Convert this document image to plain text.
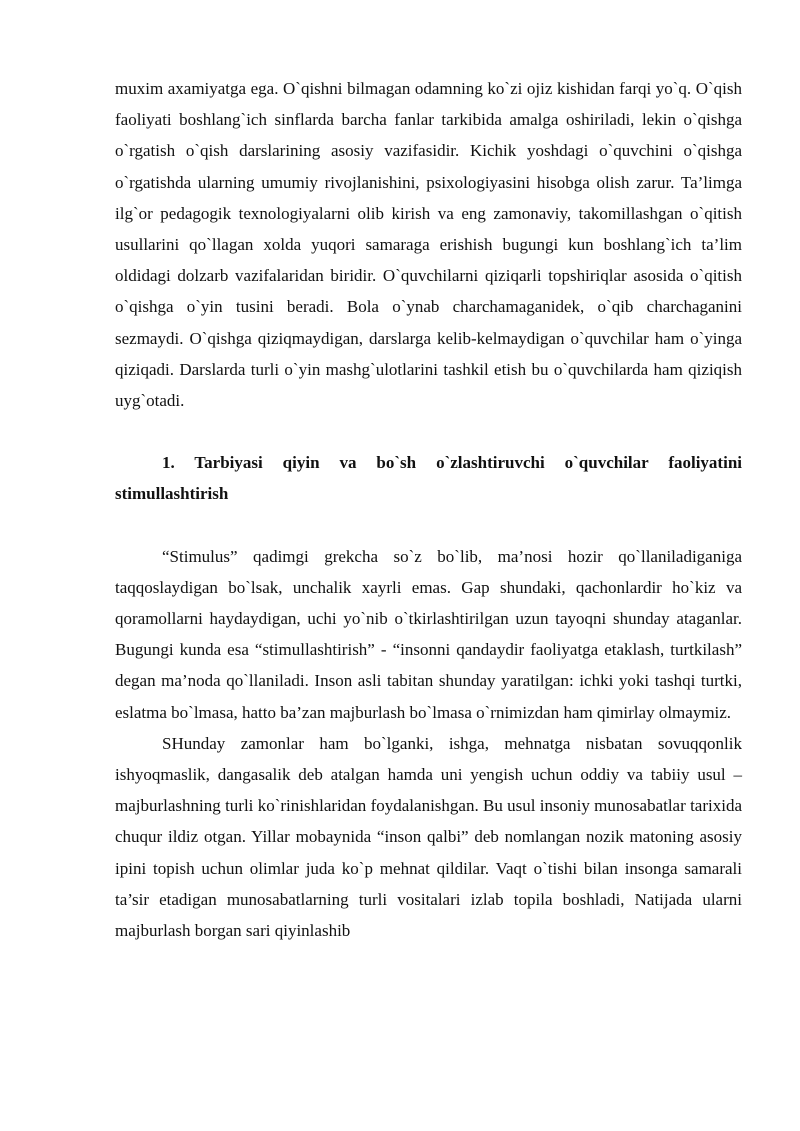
muxim axamiyatga ega. O`qishni bilmagan odamning ko`zi ojiz kishidan farqi yo`q. O`qish faoliyati boshlang`ich sinflarda barcha fanlar tarkibida amalga oshiriladi, lekin o`qishga o`rgatish o`qish darslarining asosiy vazifasidir. Kichik yoshdagi o`quvchini o`qishga o`rgatishda ularning umumiy rivojlanishini, psixologiyasini hisobga olish zarur. Ta’limga ilg`or pedagogik texnologiyalarni olib kirish va eng zamonaviy, takomillashgan o`qitish usullarini qo`llagan xolda yuqori samaraga erishish bugungi kun boshlang`ich ta’lim oldidagi dolzarb vazifalaridan biridir. O`quvchilarni qiziqarli topshiriqlar asosida o`qitish o`qishga o`yin tusini beradi. Bola o`ynab charchamaganidek, o`qib charchaganini sezmaydi. O`qishga qiziqmaydigan, darslarga kelib-kelmaydigan o`quvchilar ham o`yinga qiziqadi. Darslarda turli o`yin mashg`ulotlarini tashkil etish bu o`quvchilarda ham qiziqish uyg`otadi.

1. Tarbiyasi qiyin va bo`sh o`zlashtiruvchi o`quvchilar faoliyatini stimullashtirish

“Stimulus” qadimgi grekcha so`z bo`lib, ma’nosi hozir qo`llaniladiganiga taqqoslaydigan bo`lsak, unchalik xayrli emas. Gap shundaki, qachonlardir ho`kiz va qoramollarni haydaydigan, uchi yo`nib o`tkirlashtirilgan uzun tayoqni shunday ataganlar. Bugungi kunda esa “stimullashtirish” - “insonni qandaydir faoliyatga etaklash, turtkilash” degan ma’noda qo`llaniladi. Inson asli tabitan shunday yaratilgan: ichki yoki tashqi turtki, eslatma bo`lmasa, hatto ba’zan majburlash bo`lmasa o`rnimizdan ham qimirlay olmaymiz.

SHunday zamonlar ham bo`lganki, ishga, mehnatga nisbatan sovuqqonlik ishyoqmaslik, dangasalik deb atalgan hamda uni yengish uchun oddiy va tabiiy usul – majburlashning turli ko`rinishlaridan foydalanishgan. Bu usul insoniy munosabatlar tarixida chuqur ildiz otgan. Yillar mobaynida “inson qalbi” deb nomlangan nozik matoning asosiy ipini topish uchun olimlar juda ko`p mehnat qildilar. Vaqt o`tishi bilan insonga samarali ta’sir etadigan munosabatlarning turli vositalari izlab topila boshladi, Natijada ularni majburlash borgan sari qiyinlashib
